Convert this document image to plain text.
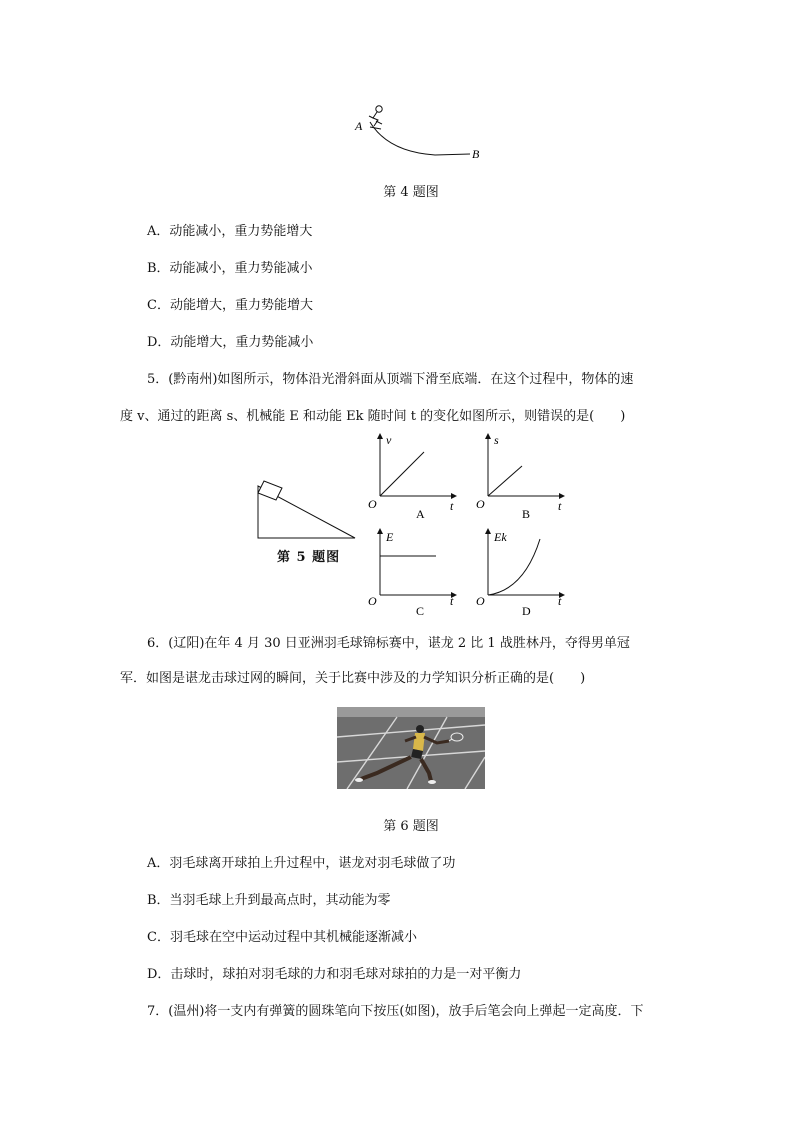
A
B
第 4 题图
A．动能减小，重力势能增大
B．动能减小，重力势能减小
C．动能增大，重力势能增大
D．动能增大，重力势能减小
5．(黔南州)如图所示，物体沿光滑斜面从顶端下滑至底端．在这个过程中，物体的速
度 v、通过的距离 s、机械能 E 和动能 Ek 随时间 t 的变化如图所示，则错误的是(　　)
第 5 题图
v
t
O
A
s
t
O
B
E
t
O
C
Ek
t
O
D
6．(辽阳)在年 4 月 30 日亚洲羽毛球锦标赛中，谌龙 2 比 1 战胜林丹，夺得男单冠
军．如图是谌龙击球过网的瞬间，关于比赛中涉及的力学知识分析正确的是(　　)
第 6 题图
A．羽毛球离开球拍上升过程中，谌龙对羽毛球做了功
B．当羽毛球上升到最高点时，其动能为零
C．羽毛球在空中运动过程中其机械能逐渐减小
D．击球时，球拍对羽毛球的力和羽毛球对球拍的力是一对平衡力
7．(温州)将一支内有弹簧的圆珠笔向下按压(如图)，放手后笔会向上弹起一定高度．下
